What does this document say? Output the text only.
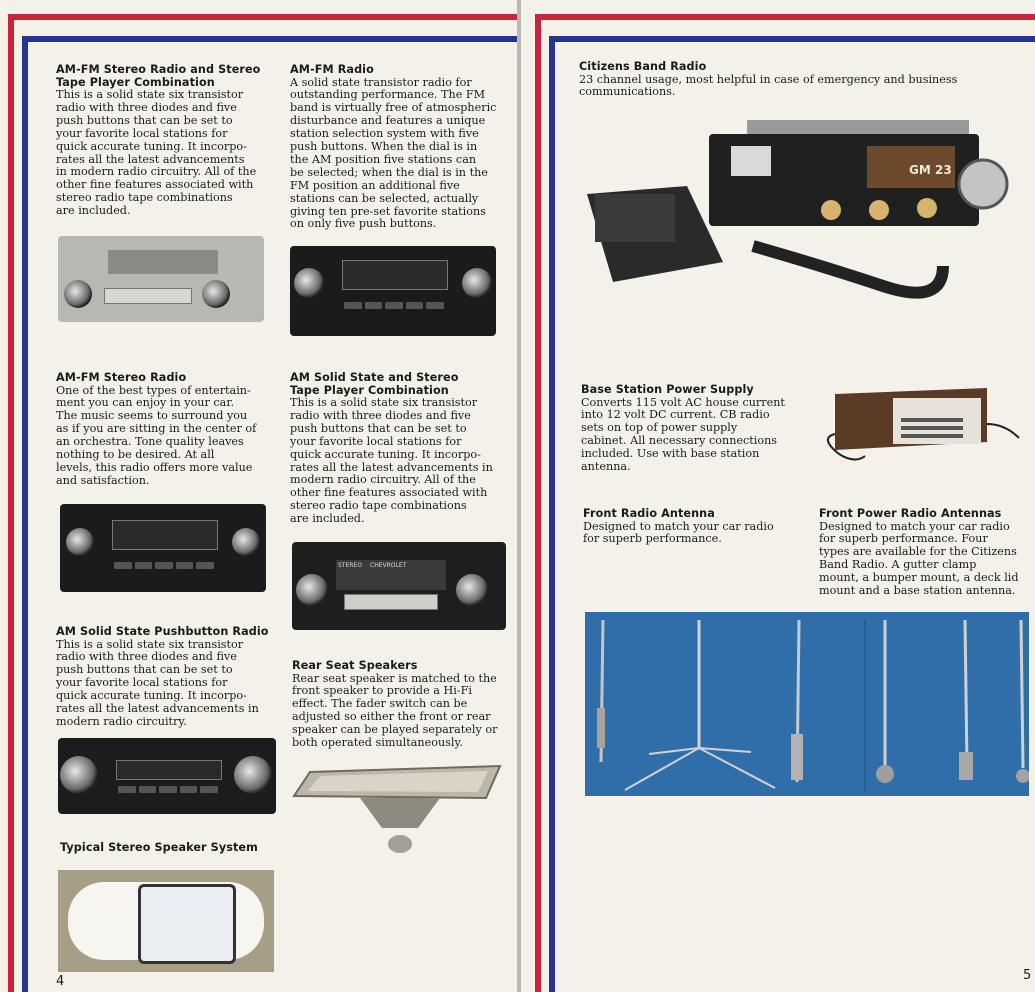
AM-FM Stereo Radio and Stereo
Tape Player Combination

This is a solid state six transistor
radio with three diodes and five
push buttons that can be set to
your favorite local stations for
quick accurate tuning. It incorpo-
rates all the latest advancements
in modern radio circuitry. All of the
other fine features associated with
stereo radio tape combinations
are included.

AM-FM Radio

A solid state transistor radio for
outstanding performance. The FM
band is virtually free of atmospheric
disturbance and features a unique
station selection system with five
push buttons. When the dial is in
the AM position five stations can
be selected; when the dial is in the
FM position an additional five
stations can be selected, actually
giving ten pre-set favorite stations
on only five push buttons.

AM-FM Stereo Radio

One of the best types of entertain-
ment you can enjoy in your car.
The music seems to surround you
as if you are sitting in the center of
an orchestra. Tone quality leaves
nothing to be desired. At all
levels, this radio offers more value
and satisfaction.

AM Solid State and Stereo
Tape Player Combination

This is a solid state six transistor
radio with three diodes and five
push buttons that can be set to
your favorite local stations for
quick accurate tuning. It incorpo-
rates all the latest advancements in
modern radio circuitry. All of the
other fine features associated with
stereo radio tape combinations
are included.

STEREO CHEVROLET
AM Solid State Pushbutton Radio

This is a solid state six transistor
radio with three diodes and five
push buttons that can be set to
your favorite local stations for
quick accurate tuning. It incorpo-
rates all the latest advancements in
modern radio circuitry.

Rear Seat Speakers

Rear seat speaker is matched to the
front speaker to provide a Hi-Fi
effect. The fader switch can be
adjusted so either the front or rear
speaker can be played separately or
both operated simultaneously.

Typical Stereo Speaker System
4
Citizens Band Radio

23 channel usage, most helpful in case of emergency and business
communications.

GM 23
Base Station Power Supply

Converts 115 volt AC house current
into 12 volt DC current. CB radio
sets on top of power supply
cabinet. All necessary connections
included. Use with base station
antenna.

Front Radio Antenna

Designed to match your car radio
for superb performance.

Front Power Radio Antennas

Designed to match your car radio
for superb performance. Four
types are available for the Citizens
Band Radio. A gutter clamp
mount, a bumper mount, a deck lid
mount and a base station antenna.

5
